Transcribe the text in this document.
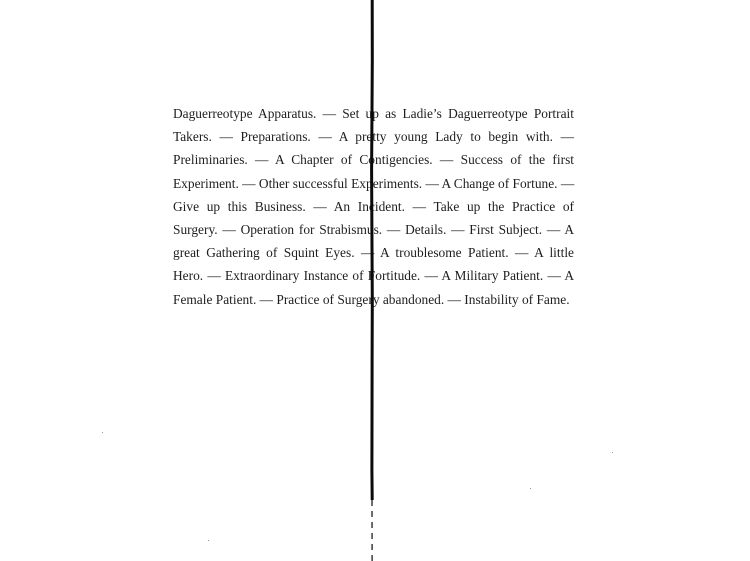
Daguerreotype Apparatus. — Set up as Ladie’s Daguerreotype Portrait
Takers. — Preparations. — A pretty young Lady to begin with. —
Preliminaries. — A Chapter of Contigencies. — Success of the first
Experiment. — Other successful Experiments. — A Change of Fortune. —
Give up this Business. — An Incident. — Take up the Practice of
Surgery. — Operation for Strabismus. — Details. — First Subject. — A
great Gathering of Squint Eyes. — A troublesome Patient. — A little
Hero. — Extraordinary Instance of Fortitude. — A Military Patient. — A
Female Patient. — Practice of Surgery abandoned. — Instability of Fame.
